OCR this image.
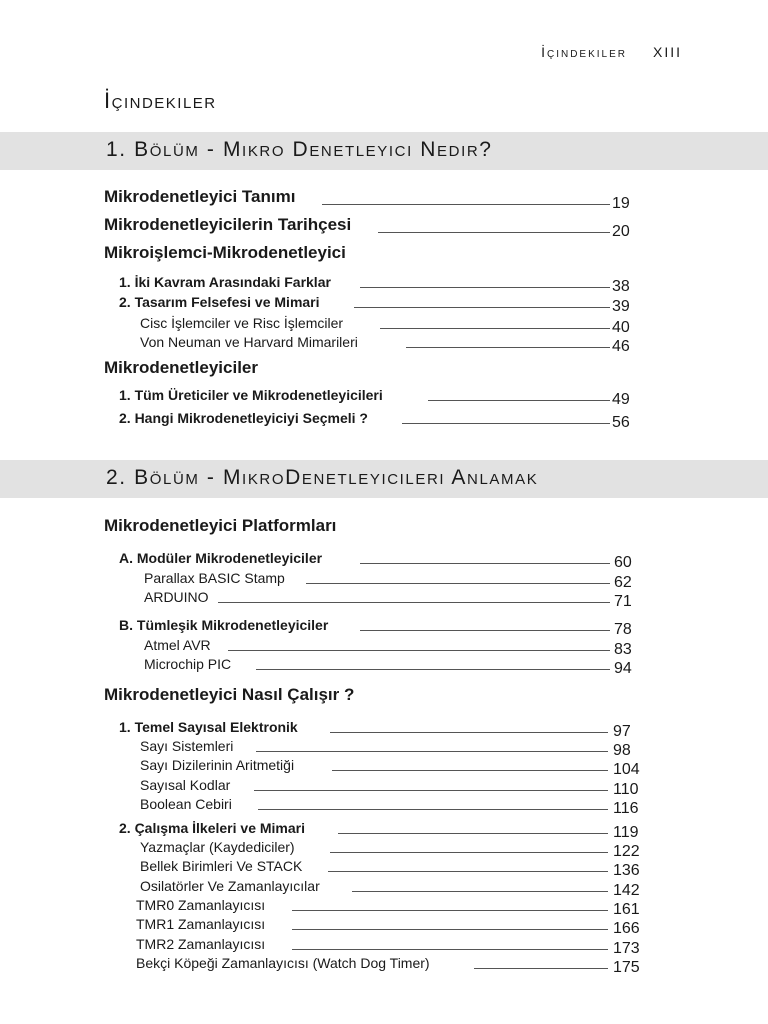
İçindekiler XIII
İçindekiler
1. Bölüm - Mikro Denetleyici Nedir?
2. Bölüm - MikroDenetleyicileri Anlamak
Mikrodenetleyici Tanımı	19
Mikrodenetleyicilerin Tarihçesi	20
Mikroişlemci-Mikrodenetleyici
1. İki Kavram Arasındaki Farklar	38
2. Tasarım Felsefesi ve Mimari	39
Cisc İşlemciler ve Risc İşlemciler	40
Von Neuman ve Harvard Mimarileri	46
Mikrodenetleyiciler
1. Tüm Üreticiler ve Mikrodenetleyicileri	49
2. Hangi Mikrodenetleyiciyi Seçmeli ?	56
Mikrodenetleyici Platformları
A. Modüler Mikrodenetleyiciler	60
Parallax BASIC Stamp	62
ARDUINO	71
B. Tümleşik Mikrodenetleyiciler	78
Atmel AVR	83
Microchip PIC	94
Mikrodenetleyici Nasıl Çalışır ?
1. Temel Sayısal Elektronik	97
Sayı Sistemleri	98
Sayı Dizilerinin Aritmetiği	104
Sayısal Kodlar	110
Boolean Cebiri	116
2. Çalışma İlkeleri ve Mimari	119
Yazmaçlar (Kaydediciler)	122
Bellek Birimleri Ve STACK	136
Osilatörler Ve Zamanlayıcılar	142
TMR0 Zamanlayıcısı	161
TMR1 Zamanlayıcısı	166
TMR2 Zamanlayıcısı	173
Bekçi Köpeği Zamanlayıcısı (Watch Dog Timer)	175
